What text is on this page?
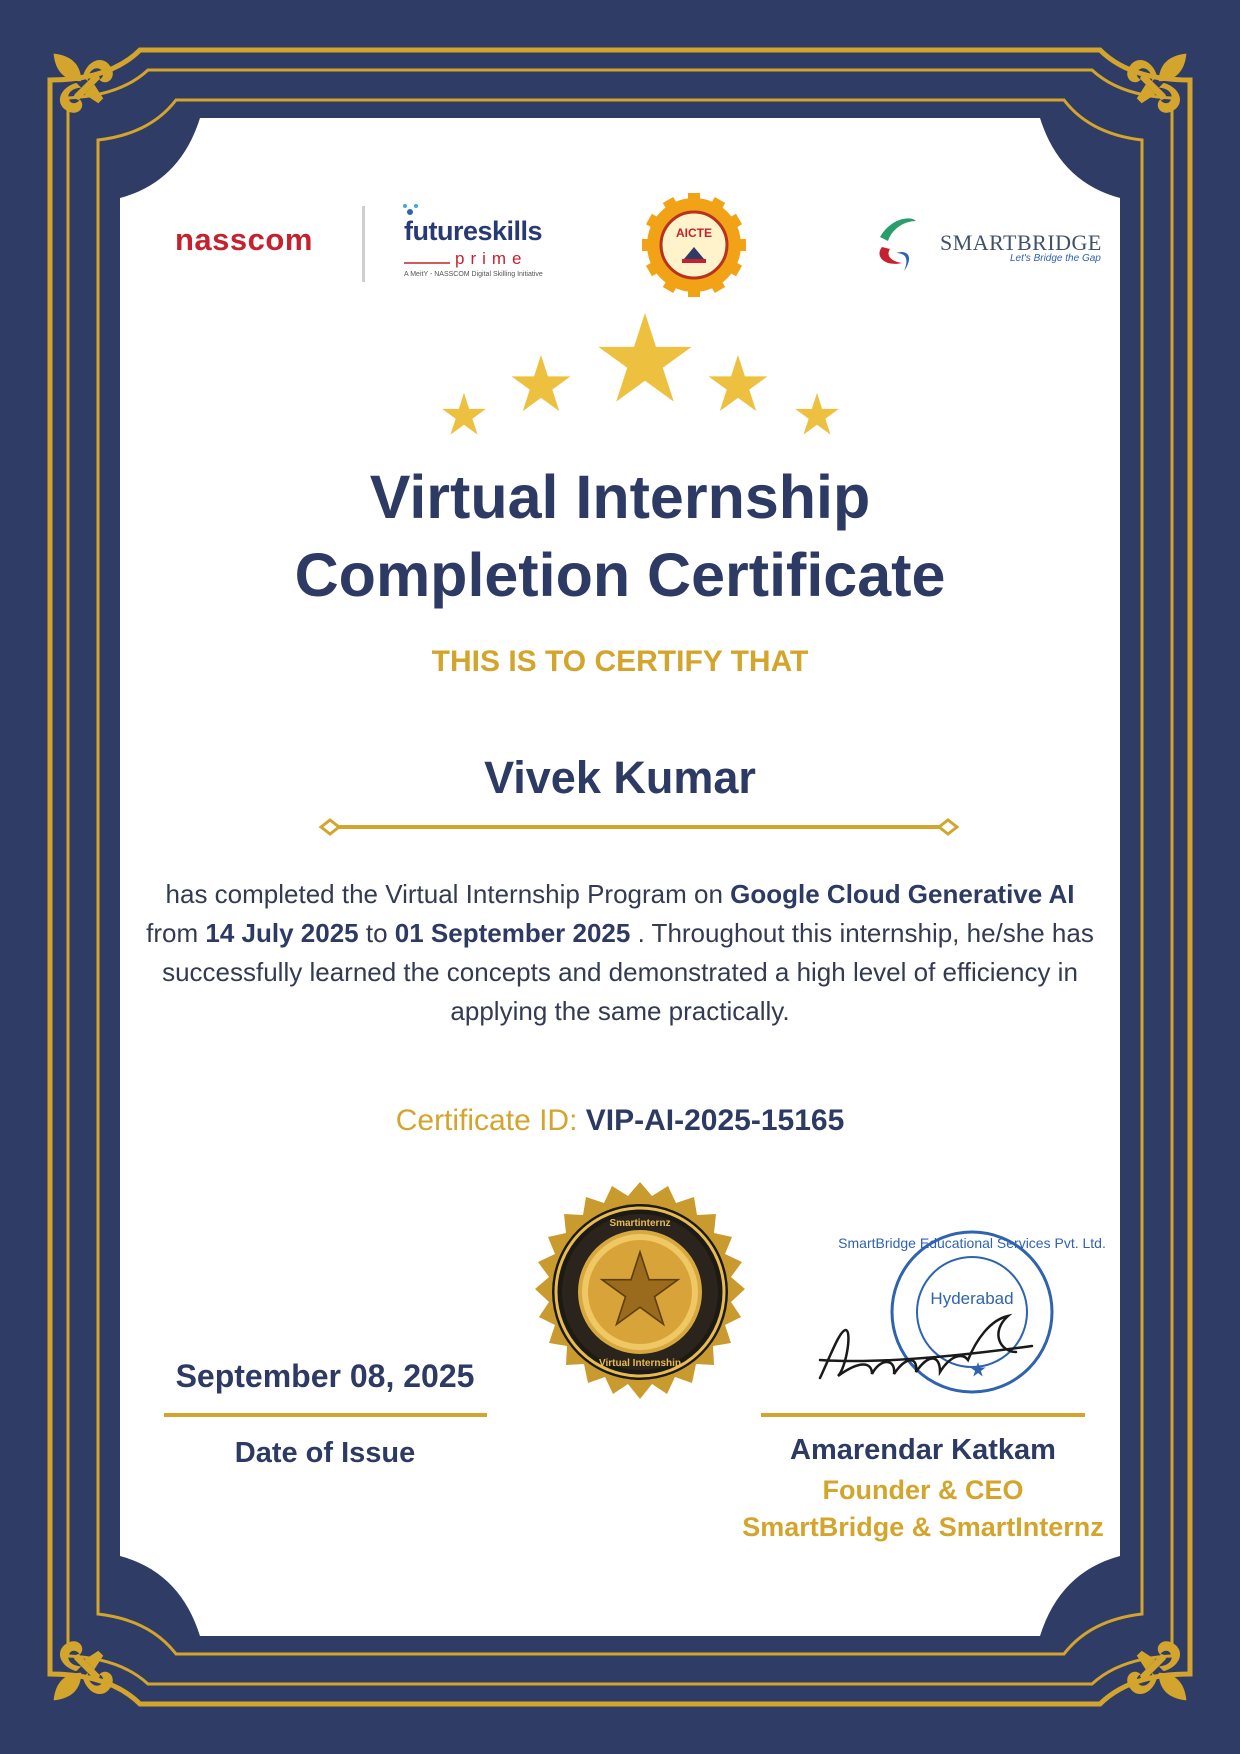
AICTE
Smartinternz
Virtual Internship
SmartBridge Educational Services Pvt. Ltd.
Hyderabad
nasscom	futureskills
prime
A MeitY - NASSCOM Digital Skilling Initiative
SMARTBRIDGE
Let's Bridge the Gap
Virtual Internship
Completion Certificate
THIS IS TO CERTIFY THAT
Vivek Kumar
has completed the Virtual Internship Program on Google Cloud Generative AI from 14 July 2025 to 01 September 2025 . Throughout this internship, he/she has successfully learned the concepts and demonstrated a high level of efficiency in applying the same practically.
Certificate ID: VIP-AI-2025-15165
September 08, 2025
Date of Issue	Amarendar Katkam
Founder & CEO
SmartBridge & SmartInternz
